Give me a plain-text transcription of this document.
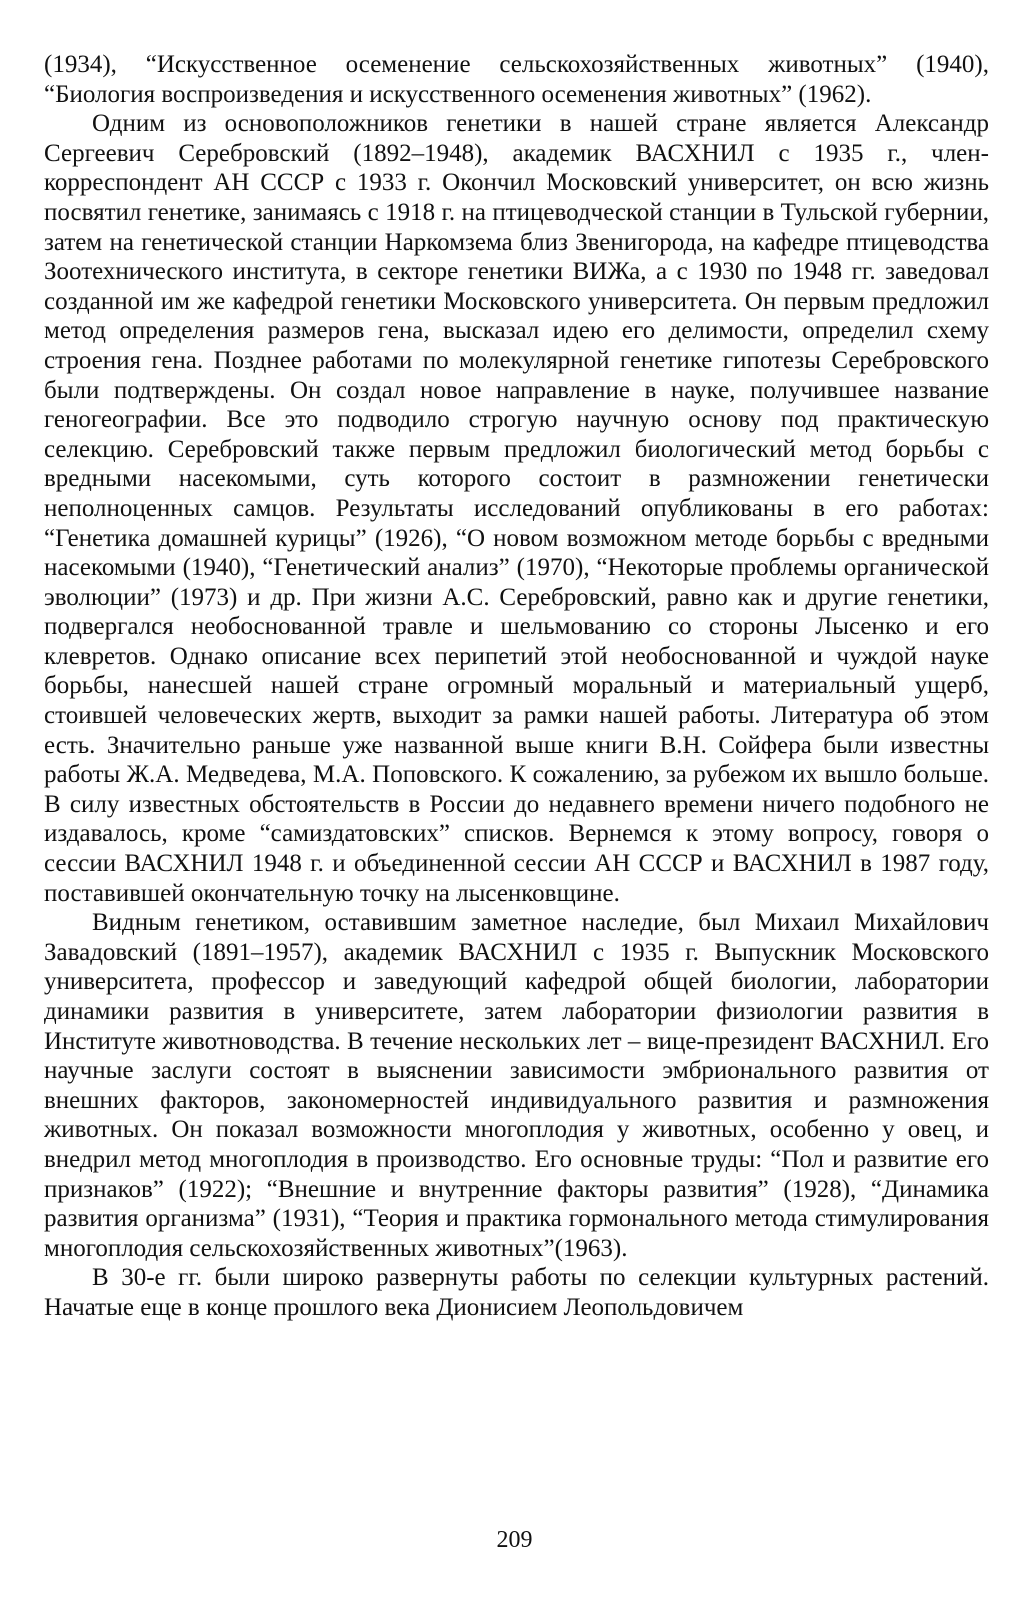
(1934), “Искусственное осеменение сельскохозяйственных животных” (1940), “Биология воспроизведения и искусственного осеменения животных” (1962).

Одним из основоположников генетики в нашей стране является Александр Сергеевич Серебровский (1892–1948), академик ВАСХНИЛ с 1935 г., член-корреспондент АН СССР с 1933 г. Окончил Московский университет, он всю жизнь посвятил генетике, занимаясь с 1918 г. на птицеводческой станции в Тульской губернии, затем на генетической станции Наркомзема близ Звенигорода, на кафедре птицеводства Зоотехнического института, в секторе генетики ВИЖа, а с 1930 по 1948 гг. заведовал созданной им же кафедрой генетики Московского университета. Он первым предложил метод определения размеров гена, высказал идею его делимости, определил схему строения гена. Позднее работами по молекулярной генетике гипотезы Серебровского были подтверждены. Он создал новое направление в науке, получившее название геногеографии. Все это подводило строгую научную основу под практическую селекцию. Серебровский также первым предложил биологический метод борьбы с вредными насекомыми, суть которого состоит в размножении генетически неполноценных самцов. Результаты исследований опубликованы в его работах: “Генетика домашней курицы” (1926), “О новом возможном методе борьбы с вредными насекомыми (1940), “Генетический анализ” (1970), “Некоторые проблемы органической эволюции” (1973) и др. При жизни А.С. Серебровский, равно как и другие генетики, подвергался необоснованной травле и шельмованию со стороны Лысенко и его клевретов. Однако описание всех перипетий этой необоснованной и чуждой науке борьбы, нанесшей нашей стране огромный моральный и материальный ущерб, стоившей человеческих жертв, выходит за рамки нашей работы. Литература об этом есть. Значительно раньше уже названной выше книги В.Н. Сойфера были известны работы Ж.А. Медведева, М.А. Поповского. К сожалению, за рубежом их вышло больше. В силу известных обстоятельств в России до недавнего времени ничего подобного не издавалось, кроме “самиздатовских” списков. Вернемся к этому вопросу, говоря о сессии ВАСХНИЛ 1948 г. и объединенной сессии АН СССР и ВАСХНИЛ в 1987 году, поставившей окончательную точку на лысенковщине.

Видным генетиком, оставившим заметное наследие, был Михаил Михайлович Завадовский (1891–1957), академик ВАСХНИЛ с 1935 г. Выпускник Московского университета, профессор и заведующий кафедрой общей биологии, лаборатории динамики развития в университете, затем лаборатории физиологии развития в Институте животноводства. В течение нескольких лет – вице-президент ВАСХНИЛ. Его научные заслуги состоят в выяснении зависимости эмбрионального развития от внешних факторов, закономерностей индивидуального развития и размножения животных. Он показал возможности многоплодия у животных, особенно у овец, и внедрил метод многоплодия в производство. Его основные труды: “Пол и развитие его признаков” (1922); “Внешние и внутренние факторы развития” (1928), “Динамика развития организма” (1931), “Теория и практика гормонального метода стимулирования многоплодия сельскохозяйственных животных”(1963).

В 30-е гг. были широко развернуты работы по селекции культурных растений. Начатые еще в конце прошлого века Дионисием Леопольдовичем

209
